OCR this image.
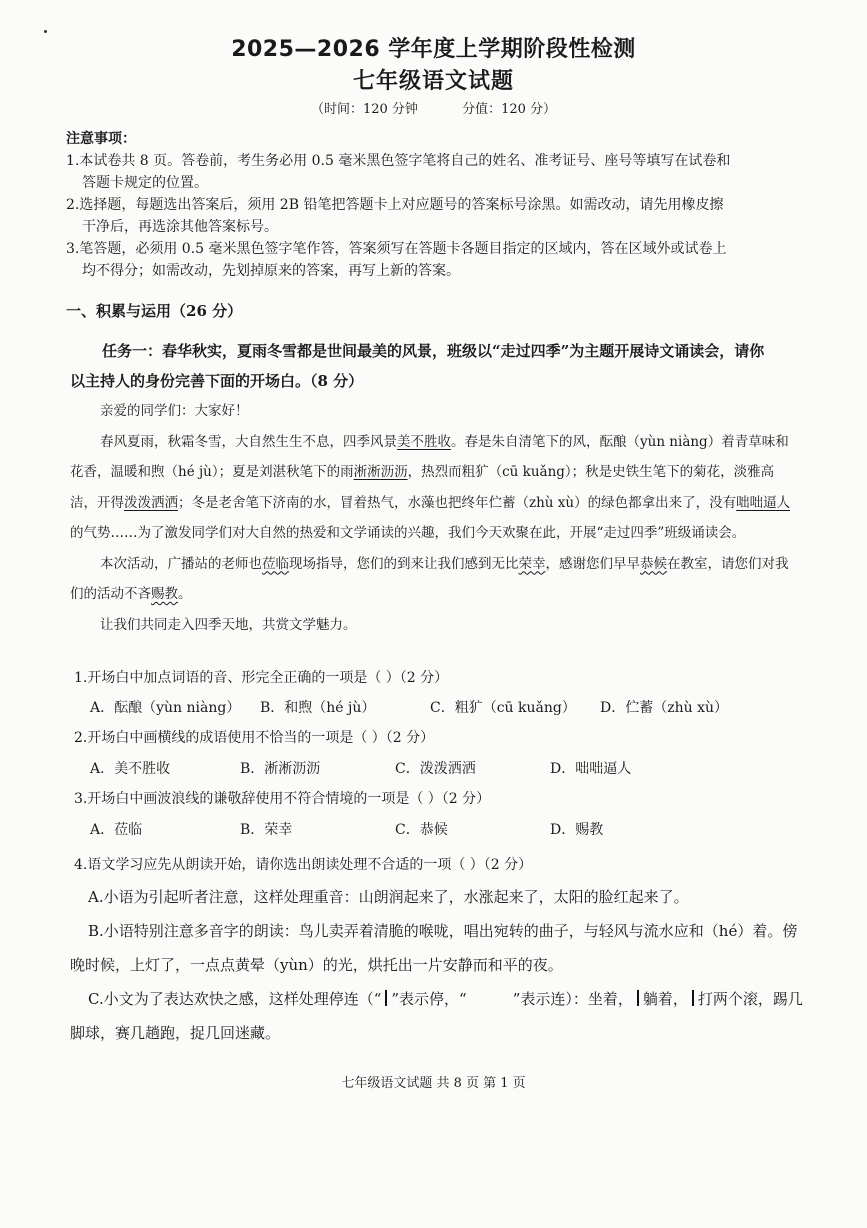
2025—2026 学年度上学期阶段性检测
七年级语文试题
（时间：120 分钟	分值：120 分）
注意事项：
1.本试卷共 8 页。答卷前，考生务必用 0.5 毫米黑色签字笔将自己的姓名、准考证号、座号等填写在试卷和
答题卡规定的位置。
2.选择题，每题选出答案后，须用 2B 铅笔把答题卡上对应题号的答案标号涂黑。如需改动，请先用橡皮擦
干净后，再选涂其他答案标号。
3.笔答题，必须用 0.5 毫米黑色签字笔作答，答案须写在答题卡各题目指定的区域内，答在区域外或试卷上
均不得分；如需改动，先划掉原来的答案，再写上新的答案。
一、积累与运用（26 分）
任务一：春华秋实，夏雨冬雪都是世间最美的风景，班级以“走过四季”为主题开展诗文诵读会，请你
以主持人的身份完善下面的开场白。（8 分）

亲爱的同学们：大家好！

春风夏雨，秋霜冬雪，大自然生生不息，四季风景美不胜收。春是朱自清笔下的风，酝酿（yùn niàng）着青草味和花香，温暖和煦（hé jù）；夏是刘湛秋笔下的雨淅淅沥沥，热烈而粗犷（cū kuǎng）；秋是史铁生笔下的菊花，淡雅高洁，开得泼泼洒洒；冬是老舍笔下济南的水，冒着热气，水藻也把终年伫蓄（zhù xù）的绿色都拿出来了，没有咄咄逼人的气势……为了激发同学们对大自然的热爱和文学诵读的兴趣，我们今天欢聚在此，开展“走过四季”班级诵读会。

本次活动，广播站的老师也莅临现场指导，您们的到来让我们感到无比荣幸，感谢您们早早恭候在教室，请您们对我们的活动不吝赐教。

让我们共同走入四季天地，共赏文学魅力。

1.开场白中加点词语的音、形完全正确的一项是（ ）（2 分）
A．酝酿（yùn niàng） B．和煦（hé jù）	C．粗犷（cū kuǎng） D．伫蓄（zhù xù）
2.开场白中画横线的成语使用不恰当的一项是（ ）（2 分）
A．美不胜收	B．淅淅沥沥	C．泼泼洒洒	D．咄咄逼人
3.开场白中画波浪线的谦敬辞使用不符合情境的一项是（ ）（2 分）
A．莅临	B．荣幸	C．恭候	D．赐教
4.语文学习应先从朗读开始，请你选出朗读处理不合适的一项（ ）（2 分）

A.小语为引起听者注意，这样处理重音：山朗润起来了，水涨起来了，太阳的脸红起来了。

B.小语特别注意多音字的朗读：鸟儿卖弄着清脆的喉咙，唱出宛转的曲子，与轻风与流水应和（hé）着。傍晚时候，上灯了，一点点黄晕（yùn）的光，烘托出一片安静而和平的夜。

C.小文为了表达欢快之感，这样处理停连（“ ”表示停，“	”表示连）：坐着， 躺着， 打两个滚，踢几脚球，赛几趟跑，捉几回迷藏。

七年级语文试题 共 8 页 第 1 页
